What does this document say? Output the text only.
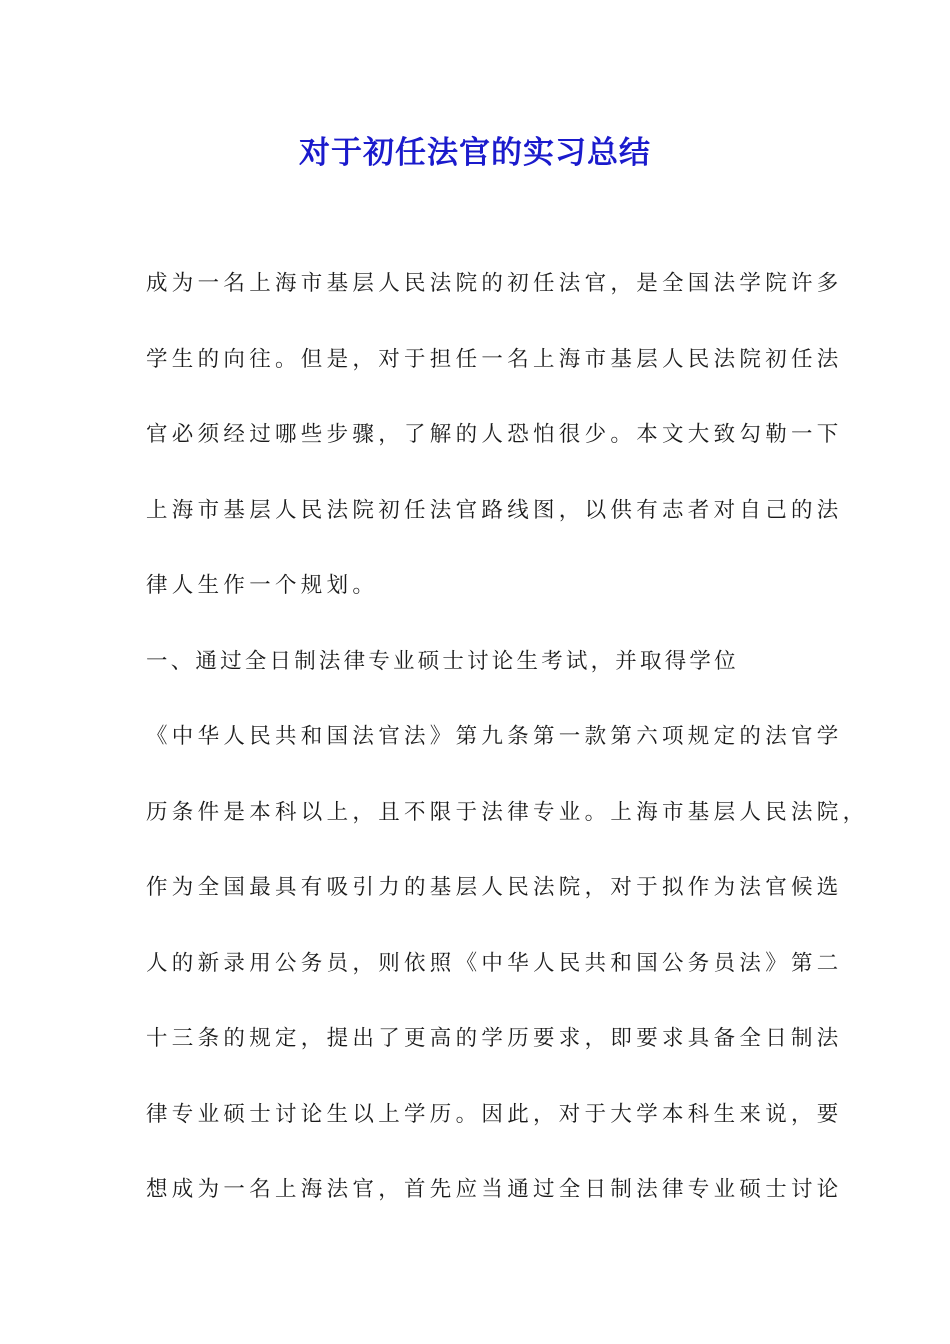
对于初任法官的实习总结
成为一名上海市基层人民法院的初任法官，是全国法学院许多
学生的向往。但是，对于担任一名上海市基层人民法院初任法
官必须经过哪些步骤，了解的人恐怕很少。本文大致勾勒一下
上海市基层人民法院初任法官路线图，以供有志者对自己的法
律人生作一个规划。
一、通过全日制法律专业硕士讨论生考试，并取得学位
《中华人民共和国法官法》第九条第一款第六项规定的法官学
历条件是本科以上，且不限于法律专业。上海市基层人民法院，
作为全国最具有吸引力的基层人民法院，对于拟作为法官候选
人的新录用公务员，则依照《中华人民共和国公务员法》第二
十三条的规定，提出了更高的学历要求，即要求具备全日制法
律专业硕士讨论生以上学历。因此，对于大学本科生来说，要
想成为一名上海法官，首先应当通过全日制法律专业硕士讨论
